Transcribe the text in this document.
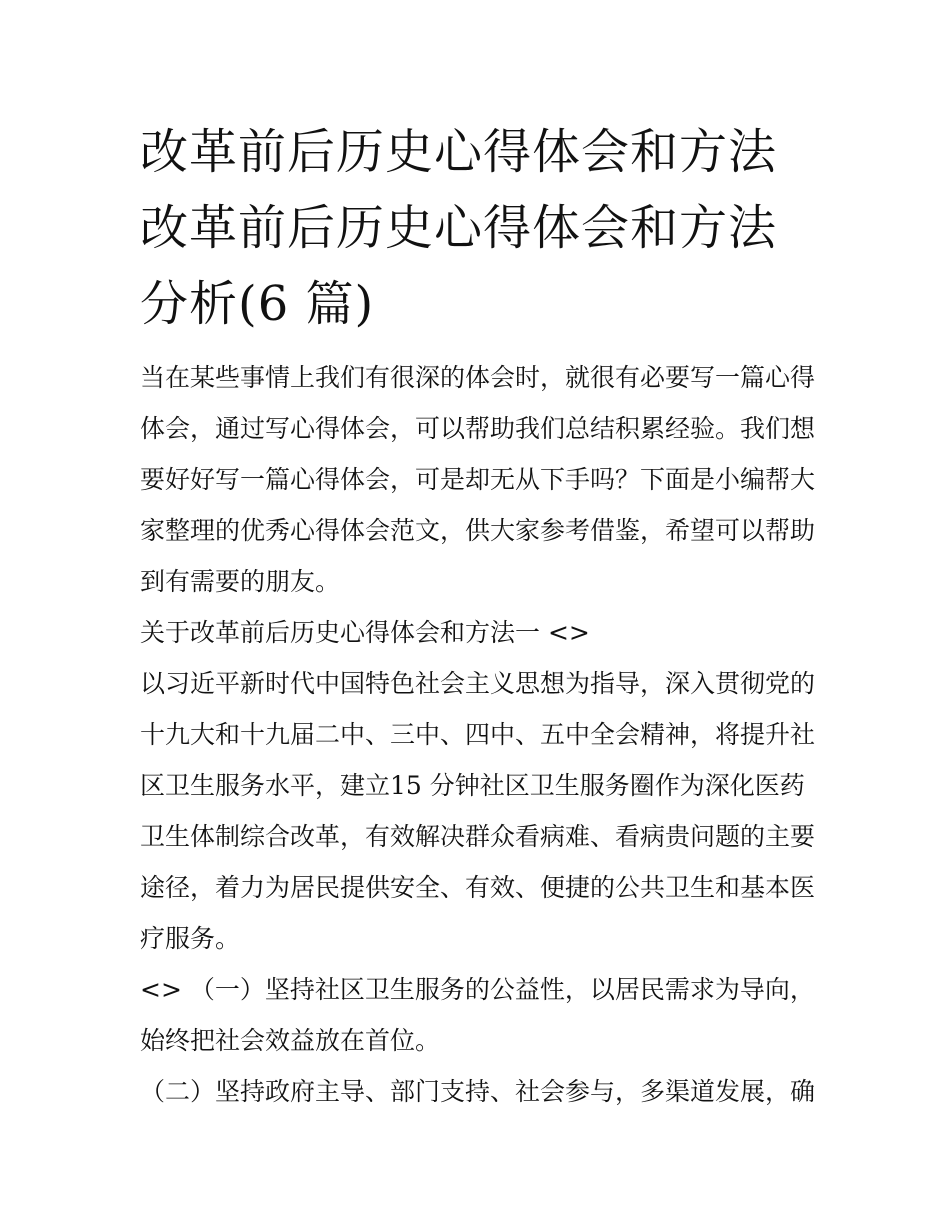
改革前后历史心得体会和方法
改革前后历史心得体会和方法
分析(6 篇)

当在某些事情上我们有很深的体会时，就很有必要写一篇心得体会，通过写心得体会，可以帮助我们总结积累经验。我们想要好好写一篇心得体会，可是却无从下手吗？下面是小编帮大家整理的优秀心得体会范文，供大家参考借鉴，希望可以帮助到有需要的朋友。

关于改革前后历史心得体会和方法一 <>

以习近平新时代中国特色社会主义思想为指导，深入贯彻党的十九大和十九届二中、三中、四中、五中全会精神，将提升社区卫生服务水平，建立15 分钟社区卫生服务圈作为深化医药卫生体制综合改革，有效解决群众看病难、看病贵问题的主要途径，着力为居民提供安全、有效、便捷的公共卫生和基本医疗服务。

<> （一）坚持社区卫生服务的公益性，以居民需求为导向，始终把社会效益放在首位。

（二）坚持政府主导、部门支持、社会参与，多渠道发展，确
